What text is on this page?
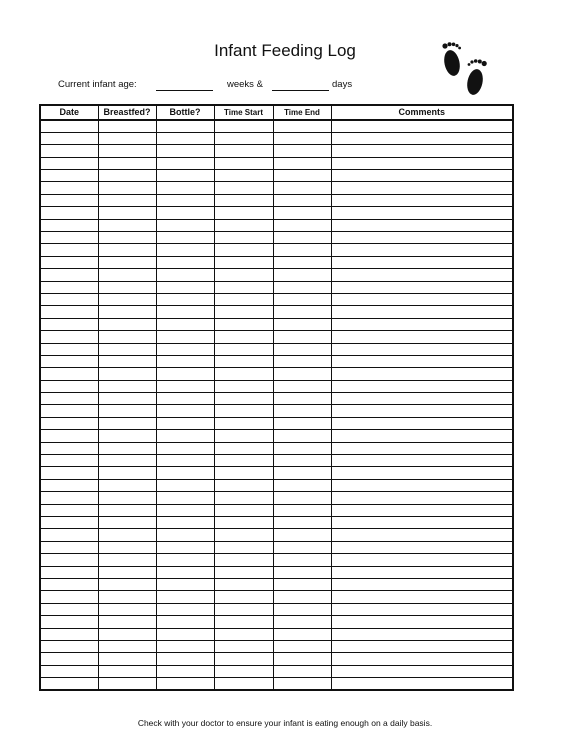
Infant Feeding Log
Current infant age:	weeks &	days
Date	Breastfed?	Bottle?	Time Start	Time End	Comments

Check with your doctor to ensure your infant is eating enough on a daily basis.
